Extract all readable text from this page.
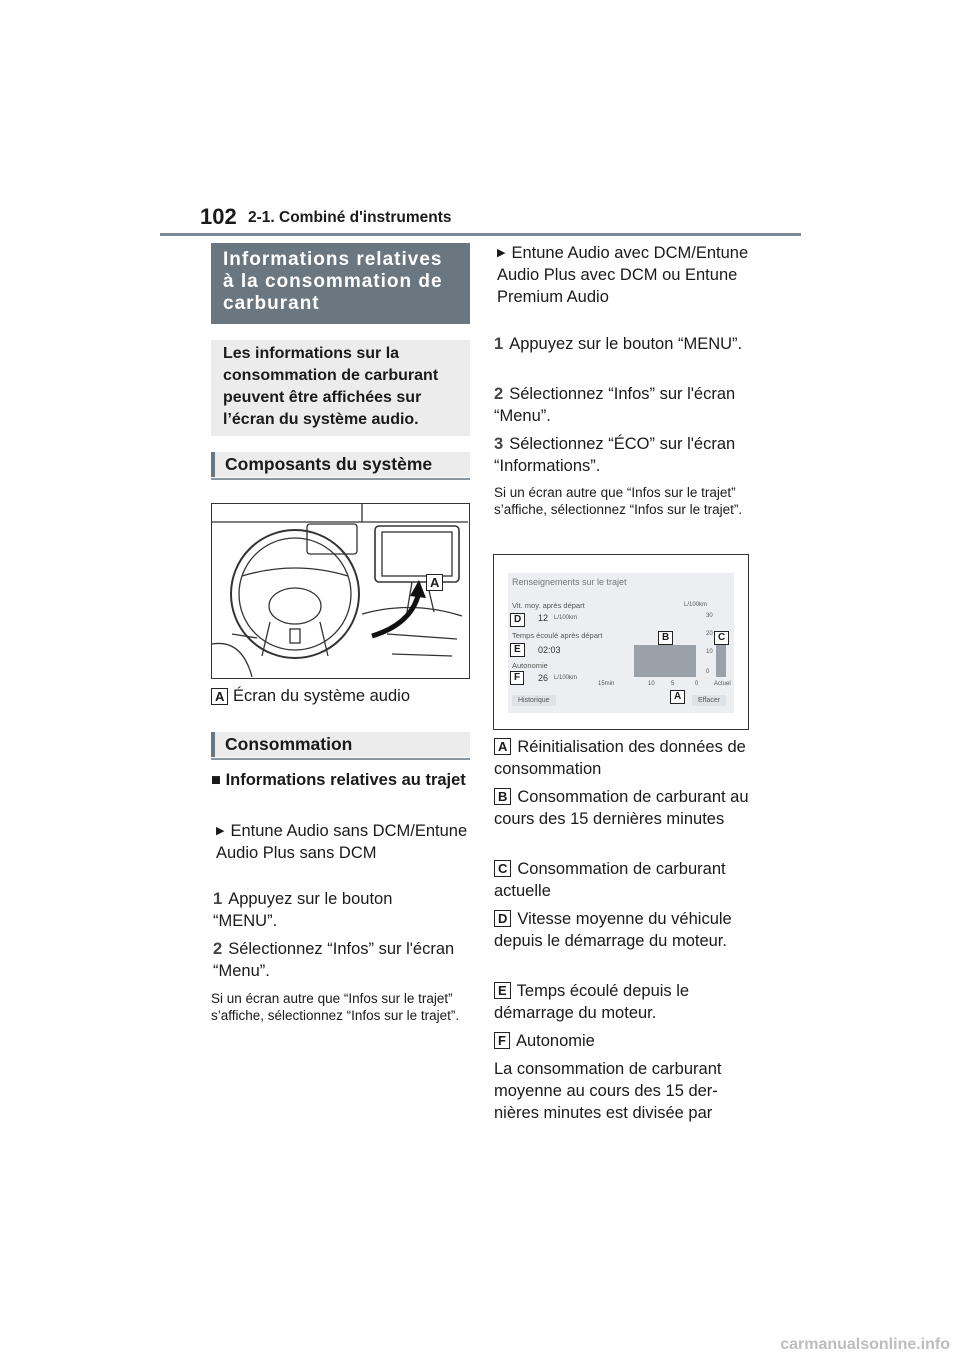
102 2-1. Combiné d'instruments
Informations relatives à la consommation de carburant
Les informations sur la consommation de carburant peuvent être affichées sur l’écran du système audio.
Composants du système
A
A Écran du système audio
Consommation
■ Informations relatives au trajet
▶ Entune Audio sans DCM/Entune Audio Plus sans DCM
1 Appuyez sur le bouton “MENU”.
2 Sélectionnez “Infos” sur l'écran “Menu”.
Si un écran autre que “Infos sur le trajet” s’affiche, sélectionnez “Infos sur le trajet”.
▶ Entune Audio avec DCM/Entune Audio Plus avec DCM ou Entune Premium Audio
1 Appuyez sur le bouton “MENU”.
2 Sélectionnez “Infos” sur l'écran “Menu”.
3 Sélectionnez “ÉCO” sur l'écran “Informations”.
Si un écran autre que “Infos sur le trajet” s’affiche, sélectionnez “Infos sur le trajet”.
Renseignements sur le trajet
Vit. moy. après départ
12 L/100km
L/100km
Temps écoulé après départ
02:03
Autonomie
26 L/100km
30
20
10
0
15min	10	5	0	Actuel
Historique	Effacer
D
E
F
B	C
A
A Réinitialisation des données de consommation
B Consommation de carburant au cours des 15 dernières minutes
C Consommation de carburant actuelle
D Vitesse moyenne du véhicule depuis le démarrage du moteur.
E Temps écoulé depuis le démarrage du moteur.
F Autonomie
La consommation de carburant moyenne au cours des 15 der- nières minutes est divisée par
carmanualsonline.info
